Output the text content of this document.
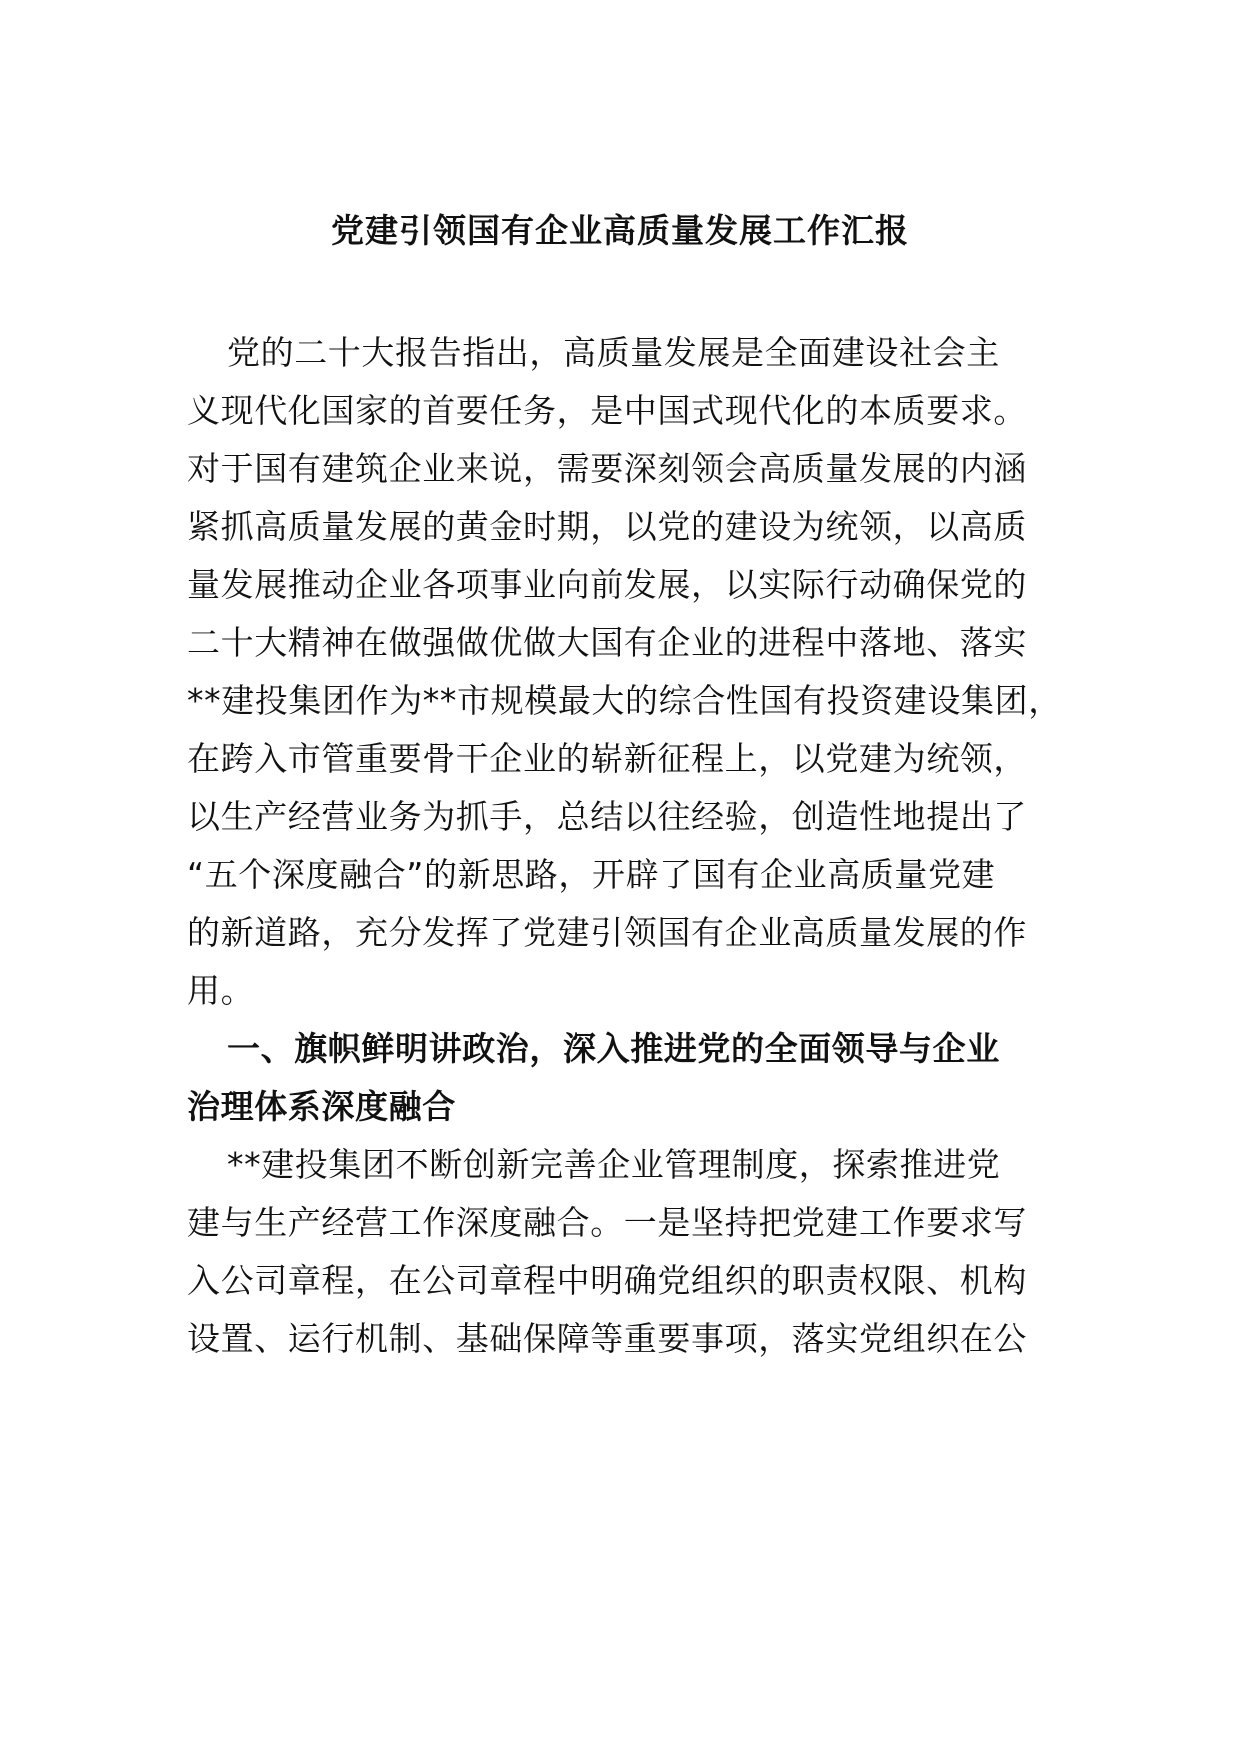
党建引领国有企业高质量发展工作汇报
党的二十大报告指出，高质量发展是全面建设社会主
义现代化国家的首要任务，是中国式现代化的本质要求。
对于国有建筑企业来说，需要深刻领会高质量发展的内涵
紧抓高质量发展的黄金时期，以党的建设为统领，以高质
量发展推动企业各项事业向前发展，以实际行动确保党的
二十大精神在做强做优做大国有企业的进程中落地、落实
**建投集团作为**市规模最大的综合性国有投资建设集团，
在跨入市管重要骨干企业的崭新征程上，以党建为统领，
以生产经营业务为抓手，总结以往经验，创造性地提出了
“五个深度融合”的新思路，开辟了国有企业高质量党建
的新道路，充分发挥了党建引领国有企业高质量发展的作
用。
一、旗帜鲜明讲政治，深入推进党的全面领导与企业
治理体系深度融合
**建投集团不断创新完善企业管理制度，探索推进党
建与生产经营工作深度融合。一是坚持把党建工作要求写
入公司章程，在公司章程中明确党组织的职责权限、机构
设置、运行机制、基础保障等重要事项，落实党组织在公
